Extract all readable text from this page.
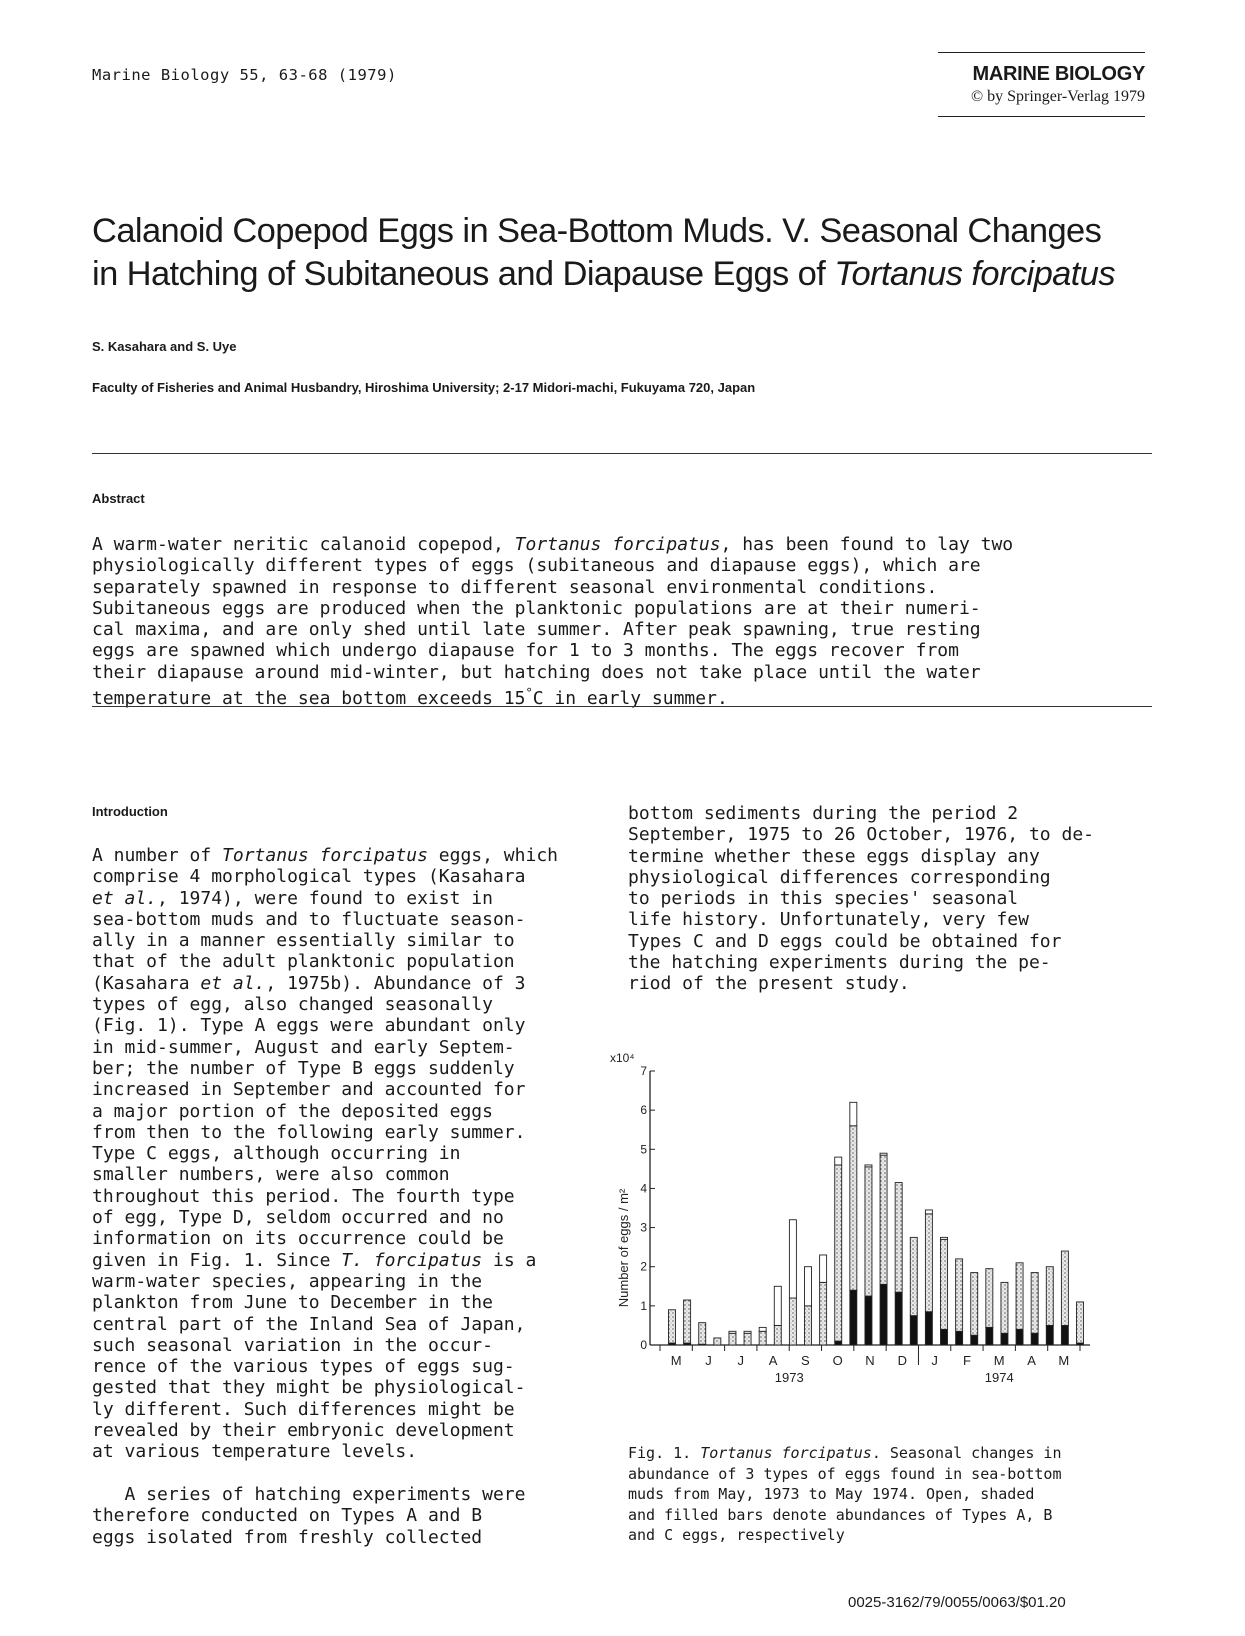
Marine Biology 55, 63-68 (1979)	MARINE BIOLOGY
© by Springer-Verlag 1979
Calanoid Copepod Eggs in Sea-Bottom Muds. V. Seasonal Changes
in Hatching of Subitaneous and Diapause Eggs of Tortanus forcipatus
S. Kasahara and S. Uye
Faculty of Fisheries and Animal Husbandry, Hiroshima University; 2-17 Midori-machi, Fukuyama 720, Japan
Abstract
A warm-water neritic calanoid copepod, Tortanus forcipatus, has been found to lay two
physiologically different types of eggs (subitaneous and diapause eggs), which are
separately spawned in response to different seasonal environmental conditions.
Subitaneous eggs are produced when the planktonic populations are at their numeri-
cal maxima, and are only shed until late summer. After peak spawning, true resting
eggs are spawned which undergo diapause for 1 to 3 months. The eggs recover from
their diapause around mid-winter, but hatching does not take place until the water
temperature at the sea bottom exceeds 15°C in early summer.
Introduction
A number of Tortanus forcipatus eggs, which
comprise 4 morphological types (Kasahara
et al., 1974), were found to exist in
sea-bottom muds and to fluctuate season-
ally in a manner essentially similar to
that of the adult planktonic population
(Kasahara et al., 1975b). Abundance of 3
types of egg, also changed seasonally
(Fig. 1). Type A eggs were abundant only
in mid-summer, August and early Septem-
ber; the number of Type B eggs suddenly
increased in September and accounted for
a major portion of the deposited eggs
from then to the following early summer.
Type C eggs, although occurring in
smaller numbers, were also common
throughout this period. The fourth type
of egg, Type D, seldom occurred and no
information on its occurrence could be
given in Fig. 1. Since T. forcipatus is a
warm-water species, appearing in the
plankton from June to December in the
central part of the Inland Sea of Japan,
such seasonal variation in the occur-
rence of the various types of eggs sug-
gested that they might be physiological-
ly different. Such differences might be
revealed by their embryonic development
at various temperature levels.
A series of hatching experiments were
therefore conducted on Types A and B
eggs isolated from freshly collected
bottom sediments during the period 2
September, 1975 to 26 October, 1976, to de-
termine whether these eggs display any
physiological differences corresponding
to periods in this species' seasonal
life history. Unfortunately, very few
Types C and D eggs could be obtained for
the hatching experiments during the pe-
riod of the present study.
0
1
2
3
4
5
6
7
x10⁴
Number of eggs / m²
M J J A S O N D J F M A M
1973	1974
Fig. 1. Tortanus forcipatus. Seasonal changes in
abundance of 3 types of eggs found in sea-bottom
muds from May, 1973 to May 1974. Open, shaded
and filled bars denote abundances of Types A, B
and C eggs, respectively
0025-3162/79/0055/0063/$01.20
